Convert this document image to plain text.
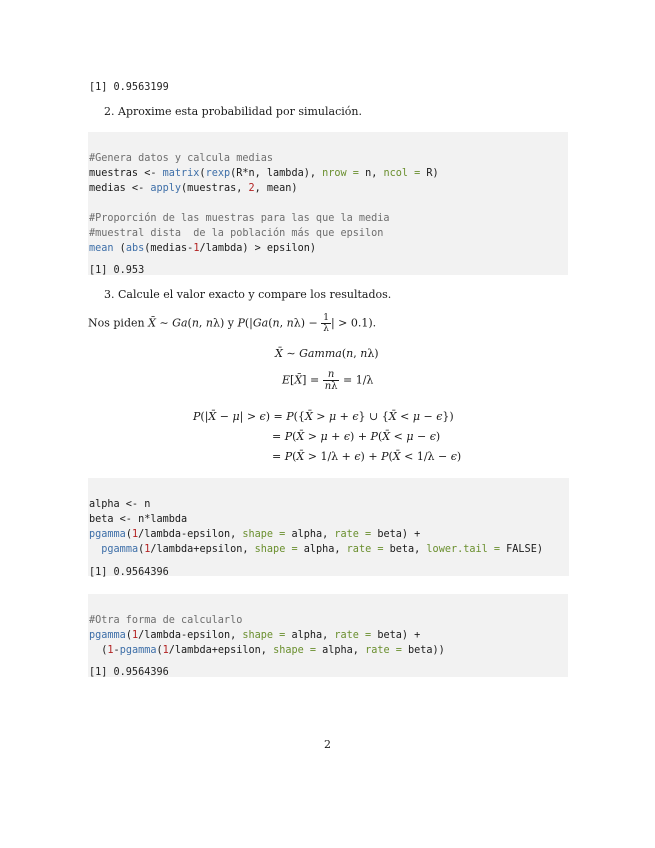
[1] 0.9563199
2. Aproxime esta probabilidad por simulación.

#Genera datos y calcula medias
muestras <- matrix(rexp(R*n, lambda), nrow = n, ncol = R)
medias <- apply(muestras, 2, mean)
#Proporción de las muestras para las que la media
#muestral dista  de la población más que epsilon
mean (abs(medias-1/lambda) > epsilon)

[1] 0.953
3. Calcule el valor exacto y compare los resultados.
Nos piden X̄ ∼ Ga(n, nλ) y P(|Ga(n, $n\lambda) - \frac{1}{\lambda}$ | > 0.1).
X̄ ∼ Gamma(n, nλ)
E[X̄] = $\frac{n}{n\lambda} = 1/\lambda$
P(|X̄ − μ| > ϵ) = P({X̄ > μ + ϵ} ∪ {X̄ < μ − ϵ})
= P(X̄ > μ + ϵ) + P(X̄ < μ − ϵ)
= P(X̄ > 1/λ + ϵ) + P(X̄ < 1/λ − ϵ)

alpha <- n
beta <- n*lambda
pgamma(1/lambda-epsilon, shape = alpha, rate = beta) +
pgamma(1/lambda+epsilon, shape = alpha, rate = beta, lower.tail = FALSE)

[1] 0.9564396

#Otra forma de calcularlo
pgamma(1/lambda-epsilon, shape = alpha, rate = beta) +
(1-pgamma(1/lambda+epsilon, shape = alpha, rate = beta))

[1] 0.9564396
2
